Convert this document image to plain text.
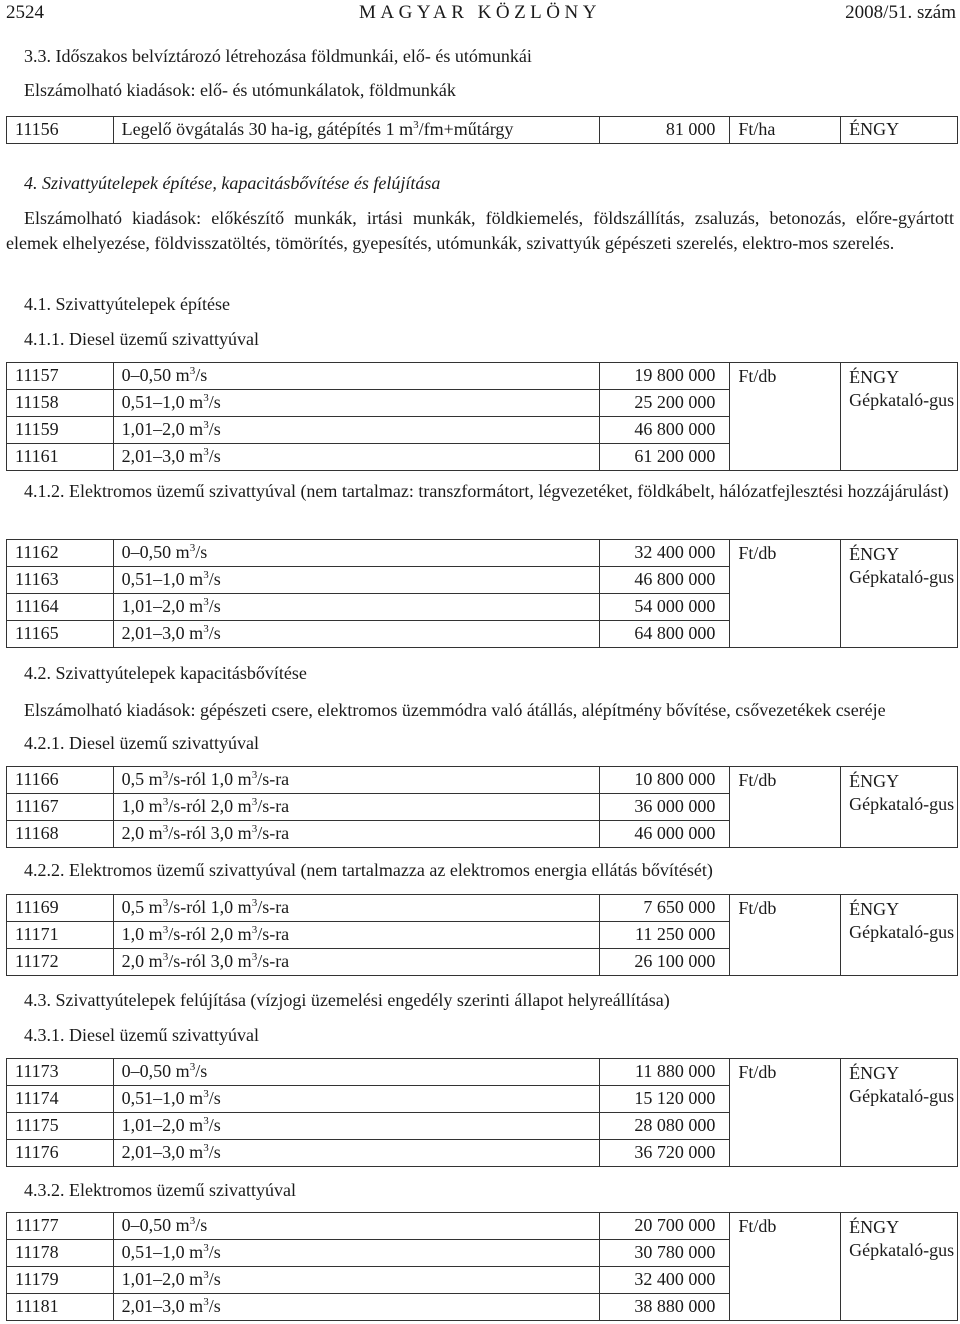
2524	MAGYAR KÖZLÖNY	2008/51. szám
3.3. Időszakos belvíztározó létrehozása földmunkái, elő- és utómunkái
Elszámolható kiadások: elő- és utómunkálatok, földmunkák
11156	Legelő övgátalás 30 ha-ig, gátépítés 1 $m^3/fm+műtárgy$	81 000	Ft/ha	ÉNGY
4. Szivattyútelepek építése, kapacitásbővítése és felújítása
Elszámolható kiadások: előkészítő munkák, irtási munkák, földkiemelés, földszállítás, zsaluzás, betonozás, előre-gyártott elemek elhelyezése, földvisszatöltés, tömörítés, gyepesítés, utómunkák, szivattyúk gépészeti szerelés, elektro-mos szerelés.
4.1. Szivattyútelepek építése
4.1.1. Diesel üzemű szivattyúval
11157	0–0,50 $m^3/s$	19 800 000	Ft/db	ÉNGY Gépkataló-gus
11158	0,51–1,0 $m^3/s$	25 200 000		
11159	1,01–2,0 $m^3/s$	46 800 000		
11161	2,01–3,0 $m^3/s$	61 200 000		
4.1.2. Elektromos üzemű szivattyúval (nem tartalmaz: transzformátort, légvezetéket, földkábelt, hálózatfejlesztési hozzájárulást)
11162	0–0,50 $m^3/s$	32 400 000	Ft/db	ÉNGY Gépkataló-gus
11163	0,51–1,0 $m^3/s$	46 800 000		
11164	1,01–2,0 $m^3/s$	54 000 000		
11165	2,01–3,0 $m^3/s$	64 800 000		
4.2. Szivattyútelepek kapacitásbővítése
Elszámolható kiadások: gépészeti csere, elektromos üzemmódra való átállás, alépítmény bővítése, csővezetékek cseréje
4.2.1. Diesel üzemű szivattyúval
11166	0,5 $m^3/s$-ról 1,0 $m^3/s-ra$	10 800 000	Ft/db	ÉNGY Gépkataló-gus
11167	1,0 $m^3/s$-ról 2,0 $m^3/s-ra$	36 000 000		
11168	2,0 $m^3/s$-ról 3,0 $m^3/s-ra$	46 000 000		
4.2.2. Elektromos üzemű szivattyúval (nem tartalmazza az elektromos energia ellátás bővítését)
11169	0,5 $m^3/s$-ról 1,0 $m^3/s-ra$	7 650 000	Ft/db	ÉNGY Gépkataló-gus
11171	1,0 $m^3/s$-ról 2,0 $m^3/s-ra$	11 250 000		
11172	2,0 $m^3/s$-ról 3,0 $m^3/s-ra$	26 100 000		
4.3. Szivattyútelepek felújítása (vízjogi üzemelési engedély szerinti állapot helyreállítása)
4.3.1. Diesel üzemű szivattyúval
11173	0–0,50 $m^3/s$	11 880 000	Ft/db	ÉNGY Gépkataló-gus
11174	0,51–1,0 $m^3/s$	15 120 000		
11175	1,01–2,0 $m^3/s$	28 080 000		
11176	2,01–3,0 $m^3/s$	36 720 000		
4.3.2. Elektromos üzemű szivattyúval
11177	0–0,50 $m^3/s$	20 700 000	Ft/db	ÉNGY Gépkataló-gus
11178	0,51–1,0 $m^3/s$	30 780 000		
11179	1,01–2,0 $m^3/s$	32 400 000		
11181	2,01–3,0 $m^3/s$	38 880 000		
